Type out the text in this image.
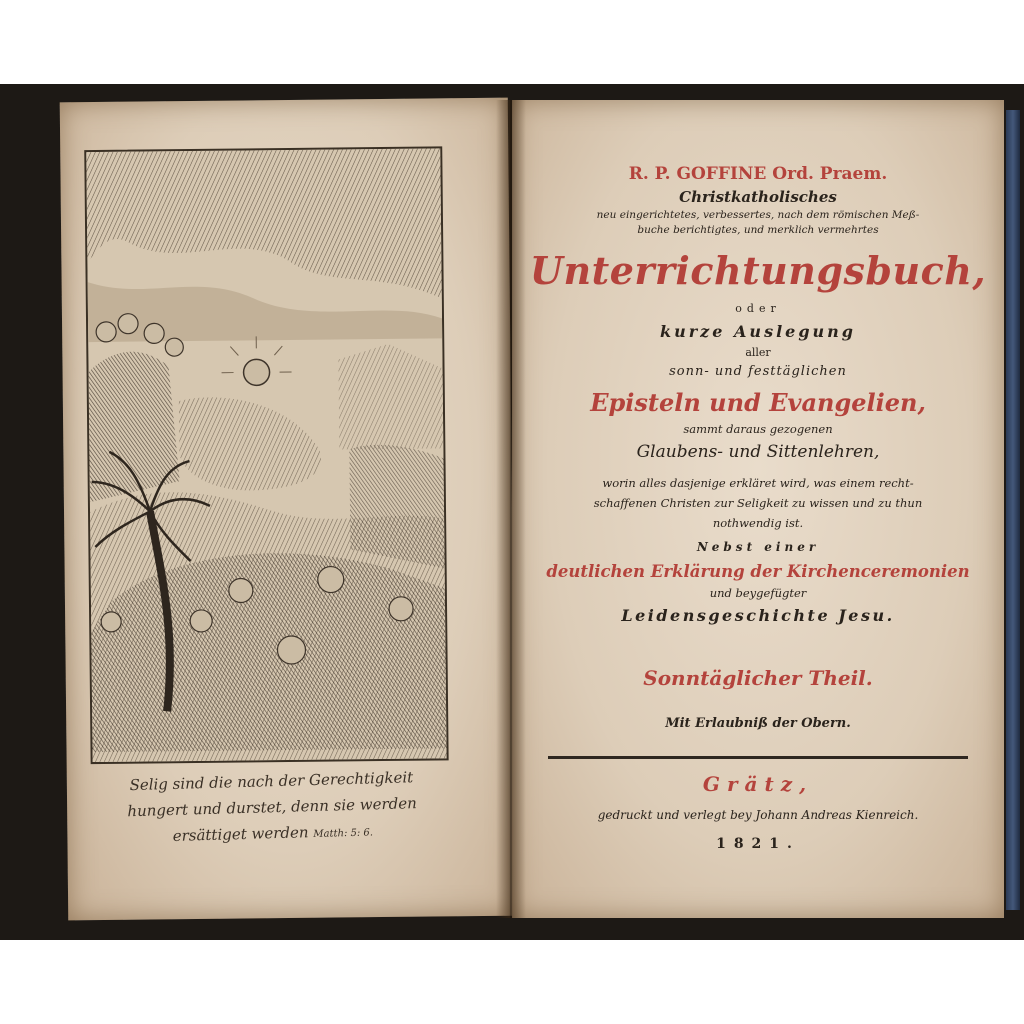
Selig sind die nach der Gerechtigkeit
hungert und durstet, denn sie werden
ersättiget werden Matth: 5: 6.
R. P. GOFFINE Ord. Praem.
Christkatholisches
neu eingerichtetes, verbessertes, nach dem römischen Meß-
buche berichtigtes, und merklich vermehrtes
Unterrichtungsbuch,
oder
kurze Auslegung
aller
sonn- und festtäglichen
Episteln und Evangelien,
sammt daraus gezogenen
Glaubens- und Sittenlehren,
worin alles dasjenige erkläret wird, was einem recht-
schaffenen Christen zur Seligkeit zu wissen und zu thun
nothwendig ist.
Nebst einer
deutlichen Erklärung der Kirchenceremonien
und beygefügter
Leidensgeschichte Jesu.
Sonntäglicher Theil.
Mit Erlaubniß der Obern.
Grätz,
gedruckt und verlegt bey Johann Andreas Kienreich.
1821.
